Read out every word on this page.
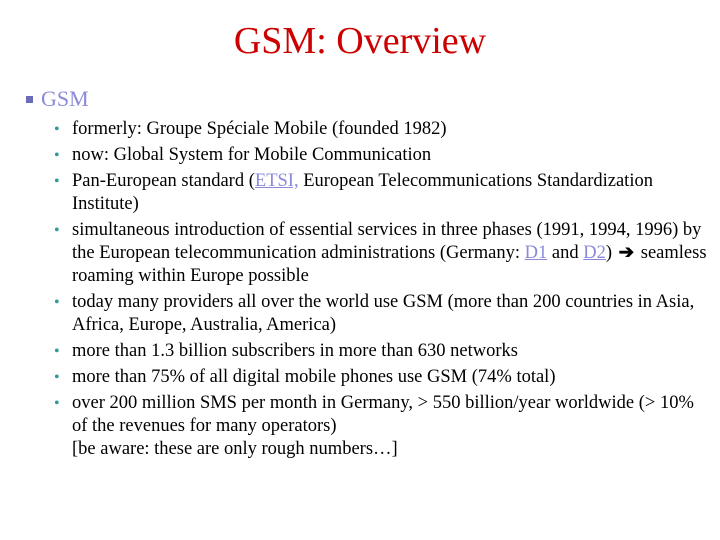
GSM: Overview
GSM
• formerly: Groupe Spéciale Mobile (founded 1982)
• now: Global System for Mobile Communication
• Pan-European standard (ETSI, European Telecommunications Standardization Institute)
• simultaneous introduction of essential services in three phases (1991, 1994, 1996) by the European telecommunication administrations (Germany: D1 and D2) ➔ seamless roaming within Europe possible
• today many providers all over the world use GSM (more than 200 countries in Asia, Africa, Europe, Australia, America)
• more than 1.3 billion subscribers in more than 630 networks
• more than 75% of all digital mobile phones use GSM (74% total)
• over 200 million SMS per month in Germany, > 550 billion/year worldwide (> 10% of the revenues for many operators)
[be aware: these are only rough numbers…]
